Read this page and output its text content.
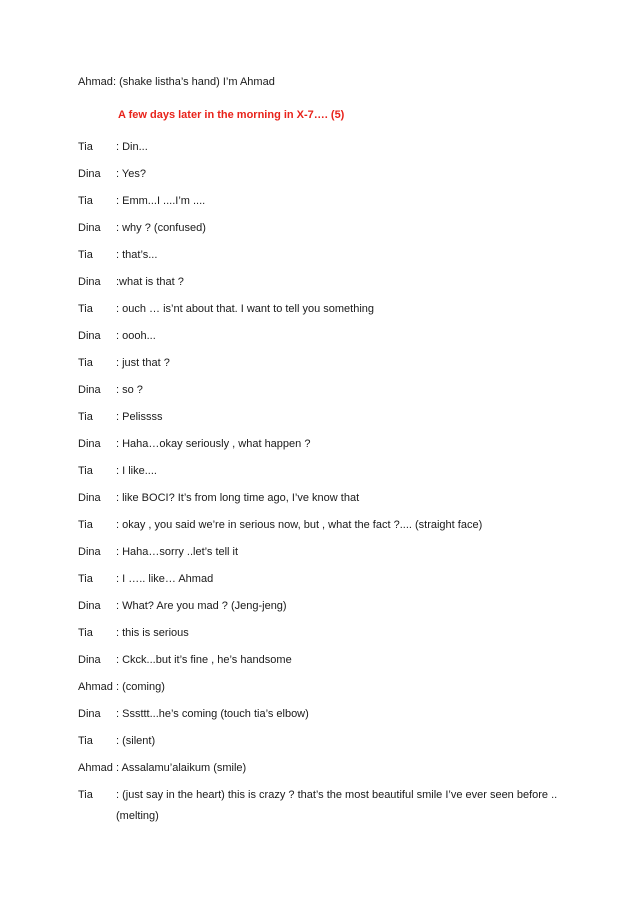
Ahmad : (shake listha’s hand) I’m Ahmad
A few days later in the morning in X-7…. (5)
Tia : Din...
Dina : Yes?
Tia : Emm...I ....I’m ....
Dina : why ? (confused)
Tia : that’s...
Dina :what is that ?
Tia : ouch … is’nt about that. I want to tell you something
Dina : oooh...
Tia : just that ?
Dina : so ?
Tia : Pelissss
Dina : Haha…okay seriously , what happen ?
Tia : I like....
Dina : like BOCI? It’s from long time ago, I’ve know that
Tia : okay , you said we’re in serious now, but , what the fact ?.... (straight face)
Dina : Haha…sorry ..let’s tell it
Tia : I ….. like… Ahmad
Dina : What? Are you mad ? (Jeng-jeng)
Tia : this is serious
Dina : Ckck...but it’s fine , he’s handsome
Ahmad : (coming)
Dina : Sssttt...he’s coming (touch tia’s elbow)
Tia : (silent)
Ahmad : Assalamu’alaikum (smile)
Tia : (just say in the heart) this is crazy ? that’s the most beautiful smile I’ve ever seen before ..
(melting)
